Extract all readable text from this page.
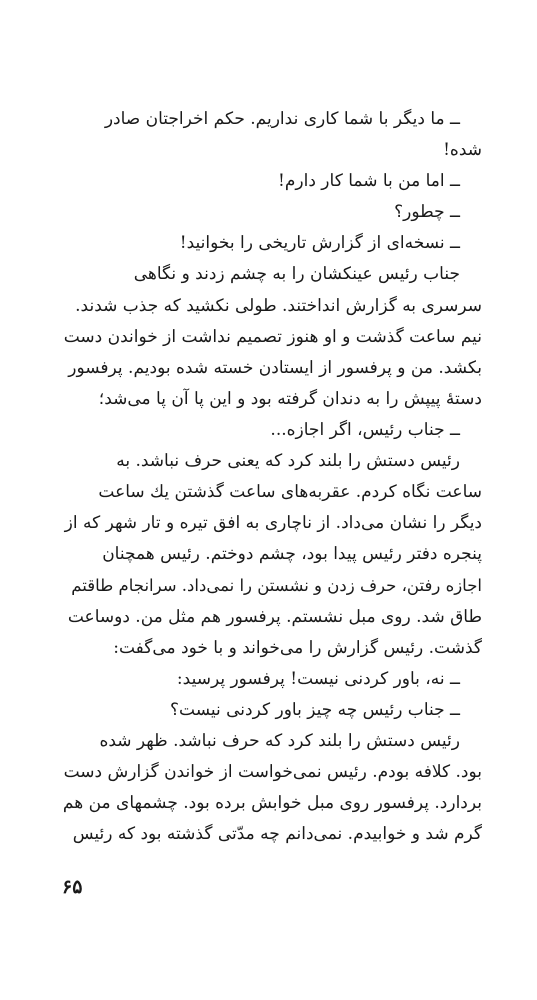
ــ ما دیگر با شما کاری نداریم. حکم اخراجتان صادر
شده!
ــ اما من با شما کار دارم!
ــ چطور؟
ــ نسخه‌ای از گزارش تاریخی را بخوانید!
جناب رئیس عینکشان را به چشم زدند و نگاهی
سرسری به گزارش انداختند. طولی نکشید که جذب شدند.
نیم ساعت گذشت و او هنوز تصمیم نداشت از خواندن دست
بکشد. من و پرفسور از ایستادن خسته شده بودیم. پرفسور
دستهٔ پیپش را به دندان گرفته بود و این پا آن پا می‌شد؛
ــ جناب رئیس، اگر اجازه...
رئیس دستش را بلند کرد که یعنی حرف نباشد. به
ساعت نگاه کردم. عقربه‌های ساعت گذشتن یك ساعت
دیگر را نشان می‌داد. از ناچاری به افق تیره و تار شهر که از
پنجره دفتر رئیس پیدا بود، چشم دوختم. رئیس همچنان
اجازه رفتن، حرف زدن و نشستن را نمی‌داد. سرانجام طاقتم
طاق شد. روی مبل نشستم. پرفسور هم مثل من. دوساعت
گذشت. رئیس گزارش را می‌خواند و با خود می‌گفت:
ــ نه، باور کردنی نیست! پرفسور پرسید:
ــ جناب رئیس چه چیز باور کردنی نیست؟
رئیس دستش را بلند کرد که حرف نباشد. ظهر شده
بود. کلافه بودم. رئیس نمی‌خواست از خواندن گزارش دست
بردارد. پرفسور روی مبل خوابش برده بود. چشمهای من هم
گرم شد و خوابیدم. نمی‌دانم چه مدّتی گذشته بود که رئیس
۶۵
